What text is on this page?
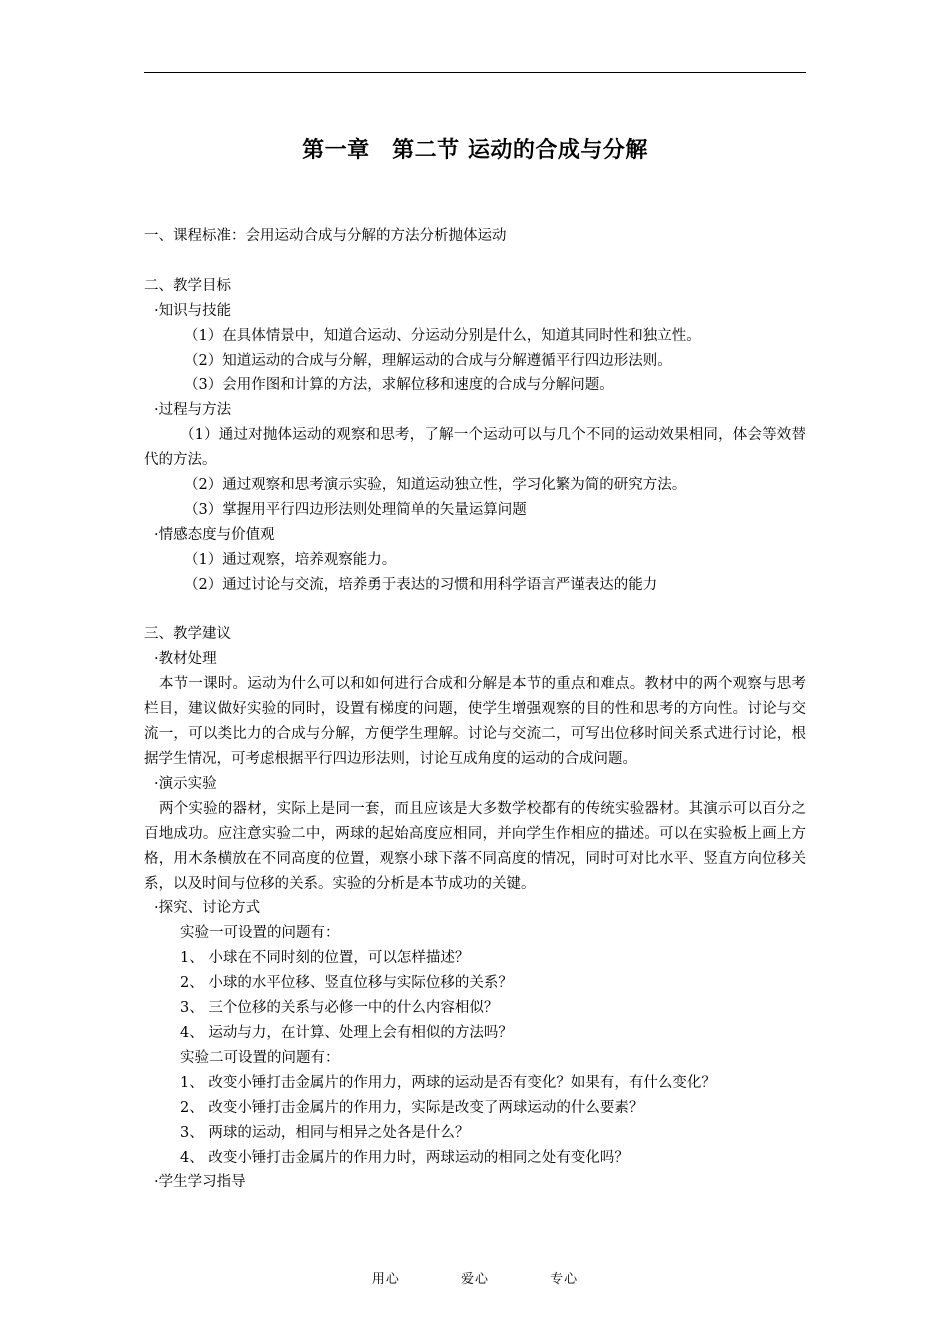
第一章　第二节 运动的合成与分解
一、课程标准：会用运动合成与分解的方法分析抛体运动
二、教学目标
·知识与技能
（1）在具体情景中，知道合运动、分运动分别是什么，知道其同时性和独立性。
（2）知道运动的合成与分解，理解运动的合成与分解遵循平行四边形法则。
（3）会用作图和计算的方法，求解位移和速度的合成与分解问题。
·过程与方法
（1）通过对抛体运动的观察和思考，了解一个运动可以与几个不同的运动效果相同，体会等效替代的方法。
（2）通过观察和思考演示实验，知道运动独立性，学习化繁为简的研究方法。
（3）掌握用平行四边形法则处理简单的矢量运算问题
·情感态度与价值观
（1）通过观察，培养观察能力。
（2）通过讨论与交流，培养勇于表达的习惯和用科学语言严谨表达的能力
三、教学建议
·教材处理
本节一课时。运动为什么可以和如何进行合成和分解是本节的重点和难点。教材中的两个观察与思考栏目，建议做好实验的同时，设置有梯度的问题，使学生增强观察的目的性和思考的方向性。讨论与交流一，可以类比力的合成与分解，方便学生理解。讨论与交流二，可写出位移时间关系式进行讨论，根据学生情况，可考虑根据平行四边形法则，讨论互成角度的运动的合成问题。
·演示实验
两个实验的器材，实际上是同一套，而且应该是大多数学校都有的传统实验器材。其演示可以百分之百地成功。应注意实验二中，两球的起始高度应相同，并向学生作相应的描述。可以在实验板上画上方格，用木条横放在不同高度的位置，观察小球下落不同高度的情况，同时可对比水平、竖直方向位移关系，以及时间与位移的关系。实验的分析是本节成功的关键。
·探究、讨论方式
实验一可设置的问题有：
1、 小球在不同时刻的位置，可以怎样描述？
2、 小球的水平位移、竖直位移与实际位移的关系？
3、 三个位移的关系与必修一中的什么内容相似？
4、 运动与力，在计算、处理上会有相似的方法吗？
实验二可设置的问题有：
1、 改变小锤打击金属片的作用力，两球的运动是否有变化？如果有，有什么变化？
2、 改变小锤打击金属片的作用力，实际是改变了两球运动的什么要素？
3、 两球的运动，相同与相异之处各是什么？
4、 改变小锤打击金属片的作用力时，两球运动的相同之处有变化吗？
·学生学习指导
用心	爱心	专心
